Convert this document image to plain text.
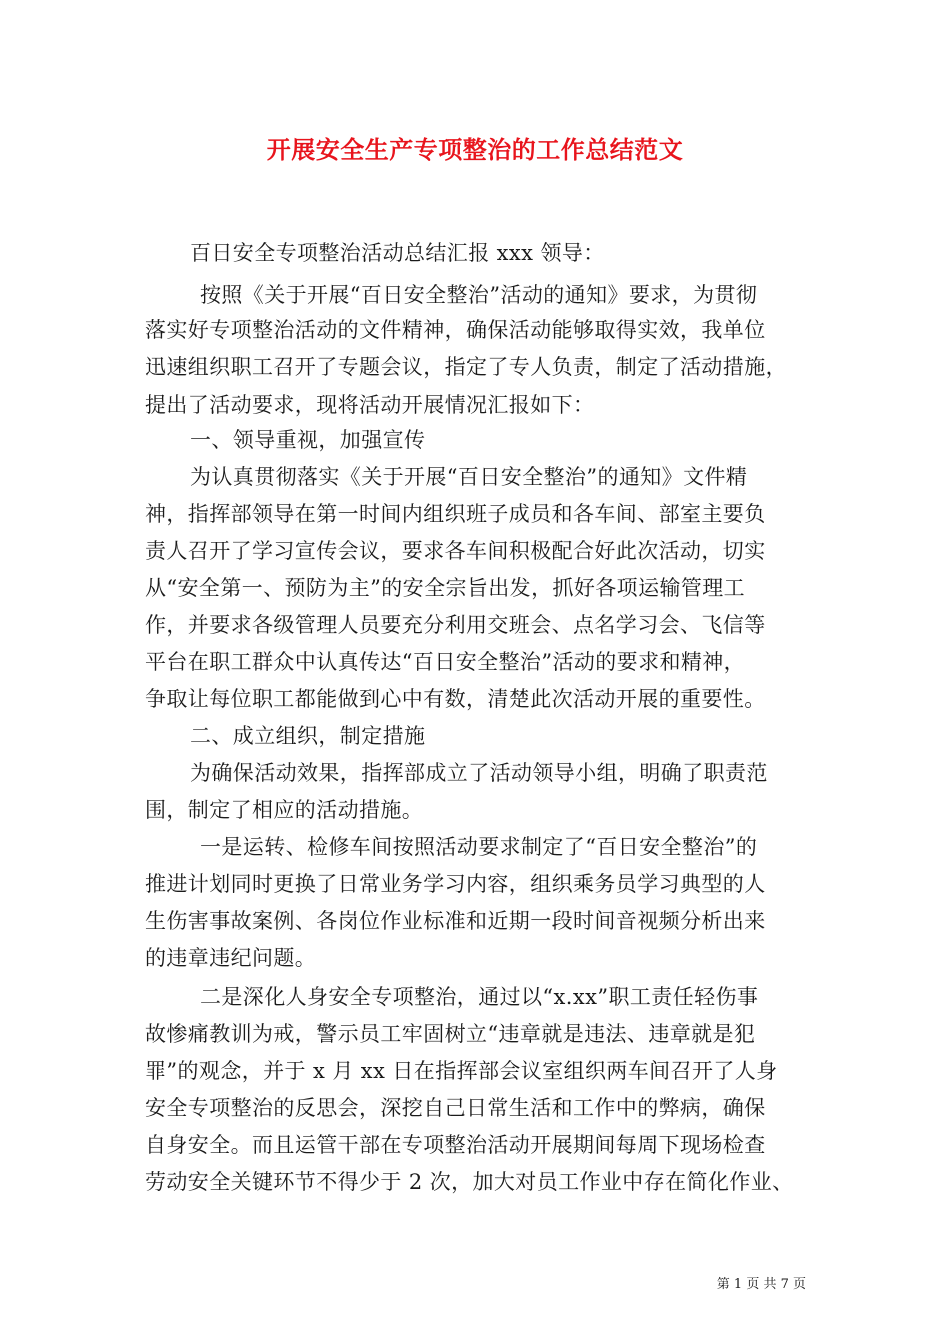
开展安全生产专项整治的工作总结范文

百日安全专项整治活动总结汇报 xxx 领导：

按照《关于开展“百日安全整治”活动的通知》要求，为贯彻

落实好专项整治活动的文件精神，确保活动能够取得实效，我单位

迅速组织职工召开了专题会议，指定了专人负责，制定了活动措施，

提出了活动要求，现将活动开展情况汇报如下：

一、领导重视，加强宣传

为认真贯彻落实《关于开展“百日安全整治”的通知》文件精

神，指挥部领导在第一时间内组织班子成员和各车间、部室主要负

责人召开了学习宣传会议，要求各车间积极配合好此次活动，切实

从“安全第一、预防为主”的安全宗旨出发，抓好各项运输管理工

作，并要求各级管理人员要充分利用交班会、点名学习会、飞信等

平台在职工群众中认真传达“百日安全整治”活动的要求和精神，

争取让每位职工都能做到心中有数，清楚此次活动开展的重要性。

二、成立组织，制定措施

为确保活动效果，指挥部成立了活动领导小组，明确了职责范

围，制定了相应的活动措施。

一是运转、检修车间按照活动要求制定了“百日安全整治”的

推进计划同时更换了日常业务学习内容，组织乘务员学习典型的人

生伤害事故案例、各岗位作业标准和近期一段时间音视频分析出来

的违章违纪问题。

二是深化人身安全专项整治，通过以“x.xx”职工责任轻伤事

故惨痛教训为戒，警示员工牢固树立“违章就是违法、违章就是犯

罪”的观念，并于 x 月 xx 日在指挥部会议室组织两车间召开了人身

安全专项整治的反思会，深挖自己日常生活和工作中的弊病，确保

自身安全。而且运管干部在专项整治活动开展期间每周下现场检查

劳动安全关键环节不得少于 2 次，加大对员工作业中存在简化作业、

第 1 页 共 7 页
